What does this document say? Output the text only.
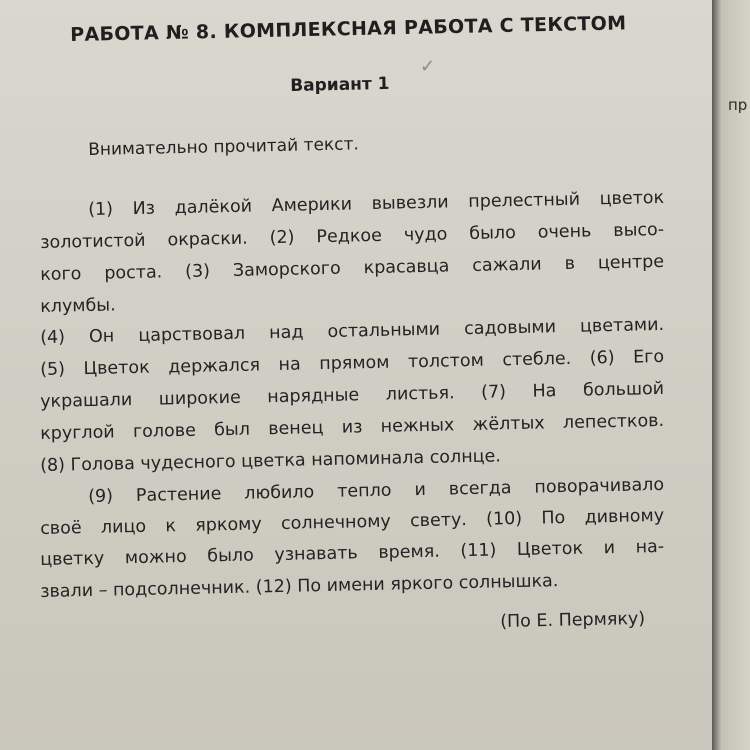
РАБОТА № 8. КОМПЛЕКСНАЯ РАБОТА С ТЕКСТОМ
✓
Вариант 1
Внимательно прочитай текст.
(1) Из далёкой Америки вывезли прелестный цветок
золотистой окраски. (2) Редкое чудо было очень высо-
кого роста. (3) Заморского красавца сажали в центре
клумбы.
(4) Он царствовал над остальными садовыми цветами.
(5) Цветок держался на прямом толстом стебле. (6) Его
украшали широкие нарядные листья. (7) На большой
круглой голове был венец из нежных жёлтых лепестков.
(8) Голова чудесного цветка напоминала солнце.
(9) Растение любило тепло и всегда поворачивало
своё лицо к яркому солнечному свету. (10) По дивному
цветку можно было узнавать время. (11) Цветок и на-
звали – подсолнечник. (12) По имени яркого солнышка.
(По Е. Пермяку)
пр
